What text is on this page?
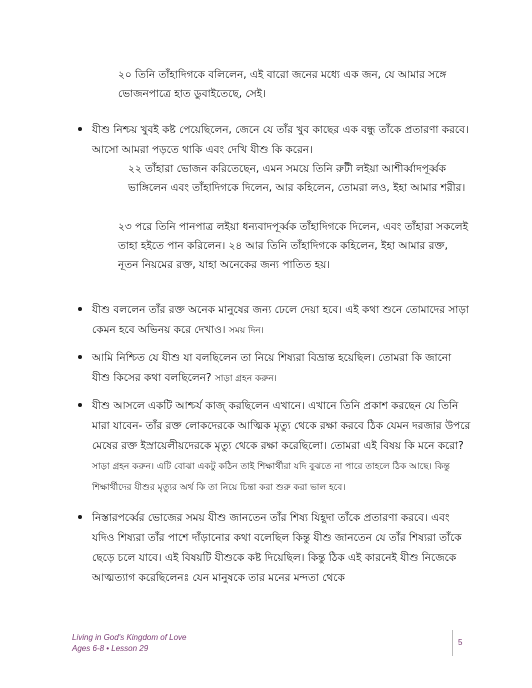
২০ তিনি তাঁহাদিগকে বলিলেন, এই বারো জনের মধ্যে এক জন, যে আমার সঙ্গে ভোজনপাত্রে হাত ডুবাইতেছে, সেই।

যীশু নিশ্চয় খুবই কষ্ট পেয়েছিলেন, জেনে যে তাঁর খুব কাছের এক বন্ধু তাঁকে প্রতারণা করবে। আসো আমরা পড়তে থাকি এবং দেখি যীশু কি করেন।

২২ তাঁহারা ভোজন করিতেছেন, এমন সময়ে তিনি রুটী লইয়া আশীর্ব্বাদপূর্ব্বক ভাঙ্গিলেন এবং তাঁহাদিগকে দিলেন, আর কহিলেন, তোমরা লও, ইহা আমার শরীর।

২৩ পরে তিনি পানপাত্র লইয়া ধন্যবাদপূর্ব্বক তাঁহাদিগকে দিলেন, এবং তাঁহারা সকলেই তাহা হইতে পান করিলেন। ২৪ আর তিনি তাঁহাদিগকে কহিলেন, ইহা আমার রক্ত, নূতন নিয়মের রক্ত, যাহা অনেকের জন্য পাতিত হয়।

যীশু বললেন তাঁর রক্ত অনেক মানুষের জন্য ঢেলে দেয়া হবে। এই কথা শুনে তোমাদের সাড়া কেমন হবে অভিনয় করে দেখাও। সময় দিন।

আমি নিশ্চিত যে যীশু যা বলছিলেন তা নিয়ে শিষ্যরা বিভ্রান্ত হয়েছিল। তোমরা কি জানো যীশু কিসের কথা বলছিলেন? সাড়া গ্রহন করুন।

যীশু আসলে একটি আশ্চর্য কাজ্ করছিলেন এখানে। এখানে তিনি প্রকাশ করছেন যে তিনি মারা যাবেন- তাঁর রক্ত লোকদেরকে আত্মিক মৃত্যু থেকে রক্ষা করবে ঠিক যেমন দরজার উপরে মেষের রক্ত ইস্রায়েলীয়দেরকে মৃত্যু থেকে রক্ষা করেছিলো। তোমরা এই বিষয় কি মনে করো? সাড়া গ্রহন করুন। এটি বোঝা একটু কঠিন তাই শিক্ষার্থীরা যদি বুঝতে না পারে তাহলে ঠিক আছে। কিন্তু শিক্ষার্থীদের যীশুর মৃত্যুর অর্থ কি তা নিয়ে চিন্তা করা শুরু করা ভাল হবে।

নিস্তারপর্ব্বের ভোজের সময় যীশু জানতেন তাঁর শিষ্য যিহূদা তাঁকে প্রতারণা করবে। এবং যদিও শিষ্যরা তাঁর পাশে দাঁড়ানোর কথা বলেছিল কিন্তু যীশু জানতেন যে তাঁর শিষ্যরা তাঁকে ছেড়ে চলে যাবে। এই বিষয়টি যীশুকে কষ্ট দিয়েছিল। কিন্তু ঠিক এই কারনেই যীশু নিজেকে আত্মত্যাগ করেছিলেনঃ যেন মানুষকে তার মনের মন্দতা থেকে

Living in God's Kingdom of Love
Ages 6-8 • Lesson 29
5
